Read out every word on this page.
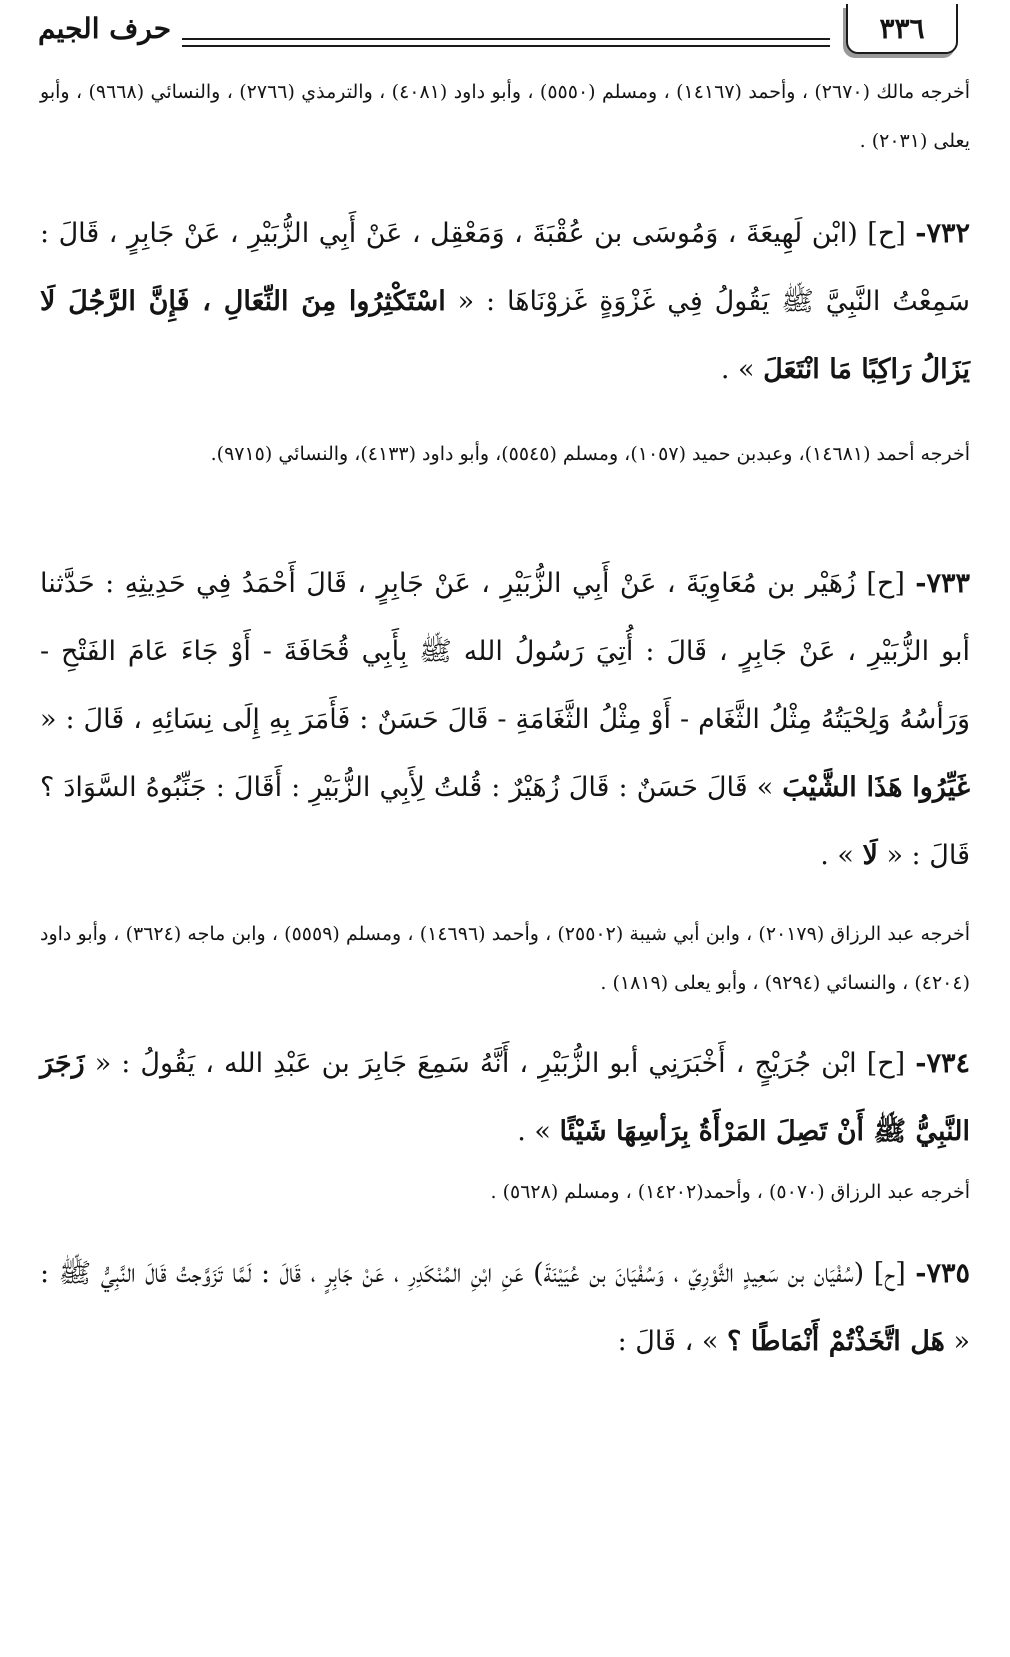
٣٣٦
حرف الجيم

أخرجه مالك (٢٦٧٠) ، وأحمد (١٤١٦٧) ، ومسلم (٥٥٥٠) ، وأبو داود (٤٠٨١) ، والترمذي (٢٧٦٦) ، والنسائي (٩٦٦٨) ، وأبو يعلى (٢٠٣١) .

٧٣٢- [ح] (ابْن لَهِيعَةَ ، وَمُوسَى بن عُقْبَةَ ، وَمَعْقِل ، عَنْ أَبِي الزُّبَيْرِ ، عَنْ جَابِرٍ ، قَالَ : سَمِعْتُ النَّبِيَّ ﷺ يَقُولُ فِي غَزْوَةٍ غَزوْنَاهَا : « اسْتَكْثِرُوا مِنَ النِّعَالِ ، فَإِنَّ الرَّجُلَ لَا يَزَالُ رَاكِبًا مَا انْتَعَلَ » .

أخرجه أحمد (١٤٦٨١)، وعبدبن حميد (١٠٥٧)، ومسلم (٥٥٤٥)، وأبو داود (٤١٣٣)، والنسائي (٩٧١٥).

٧٣٣- [ح] زُهَيْر بن مُعَاوِيَةَ ، عَنْ أَبِي الزُّبَيْرِ ، عَنْ جَابِرٍ ، قَالَ أَحْمَدُ فِي حَدِيثِهِ : حَدَّثنا أبو الزُّبَيْرِ ، عَنْ جَابِرٍ ، قَالَ : أُتِيَ رَسُولُ الله ﷺ بِأَبِي قُحَافَةَ - أَوْ جَاءَ عَامَ الفَتْحِ - وَرَأسُهُ وَلِحْيَتُهُ مِثْلُ الثَّغَام - أَوْ مِثْلُ الثَّغَامَةِ - قَالَ حَسَنٌ : فَأَمَرَ بِهِ إِلَى نِسَائِهِ ، قَالَ : « غَيِّرُوا هَذَا الشَّيْبَ » قَالَ حَسَنٌ : قَالَ زُهَيْرٌ : قُلتُ لِأَبِي الزُّبَيْرِ : أَقَالَ : جَنِّبُوهُ السَّوَادَ ؟ قَالَ : « لَا » .

أخرجه عبد الرزاق (٢٠١٧٩) ، وابن أبي شيبة (٢٥٥٠٢) ، وأحمد (١٤٦٩٦) ، ومسلم (٥٥٥٩) ، وابن ماجه (٣٦٢٤) ، وأبو داود (٤٢٠٤) ، والنسائي (٩٢٩٤) ، وأبو يعلى (١٨١٩) .

٧٣٤- [ح] ابْن جُرَيْجٍ ، أَخْبَرَنِي أبو الزُّبَيْرِ ، أَنَّهُ سَمِعَ جَابِرَ بن عَبْدِ الله ، يَقُولُ : « زَجَرَ النَّبِيُّ ﷺ أَنْ تَصِلَ المَرْأَةُ بِرَأسِهَا شَيْئًا » .

أخرجه عبد الرزاق (٥٠٧٠) ، وأحمد(١٤٢٠٢) ، ومسلم (٥٦٢٨) .

٧٣٥- [ح] (سُفْيَان بن سَعِيدٍ الثَّوْرِيّ ، وَسُفْيَانَ بن عُيَيْنَةَ) عَنِ ابْنِ المُنْكَدِرِ ، عَنْ جَابِرٍ ، قَالَ : لَمَّا تَزَوَّجتُ قَالَ النَّبِيُّ ﷺ : « هَل اتَّخَذْتُمْ أَنْمَاطًا ؟ » ، قَالَ :
